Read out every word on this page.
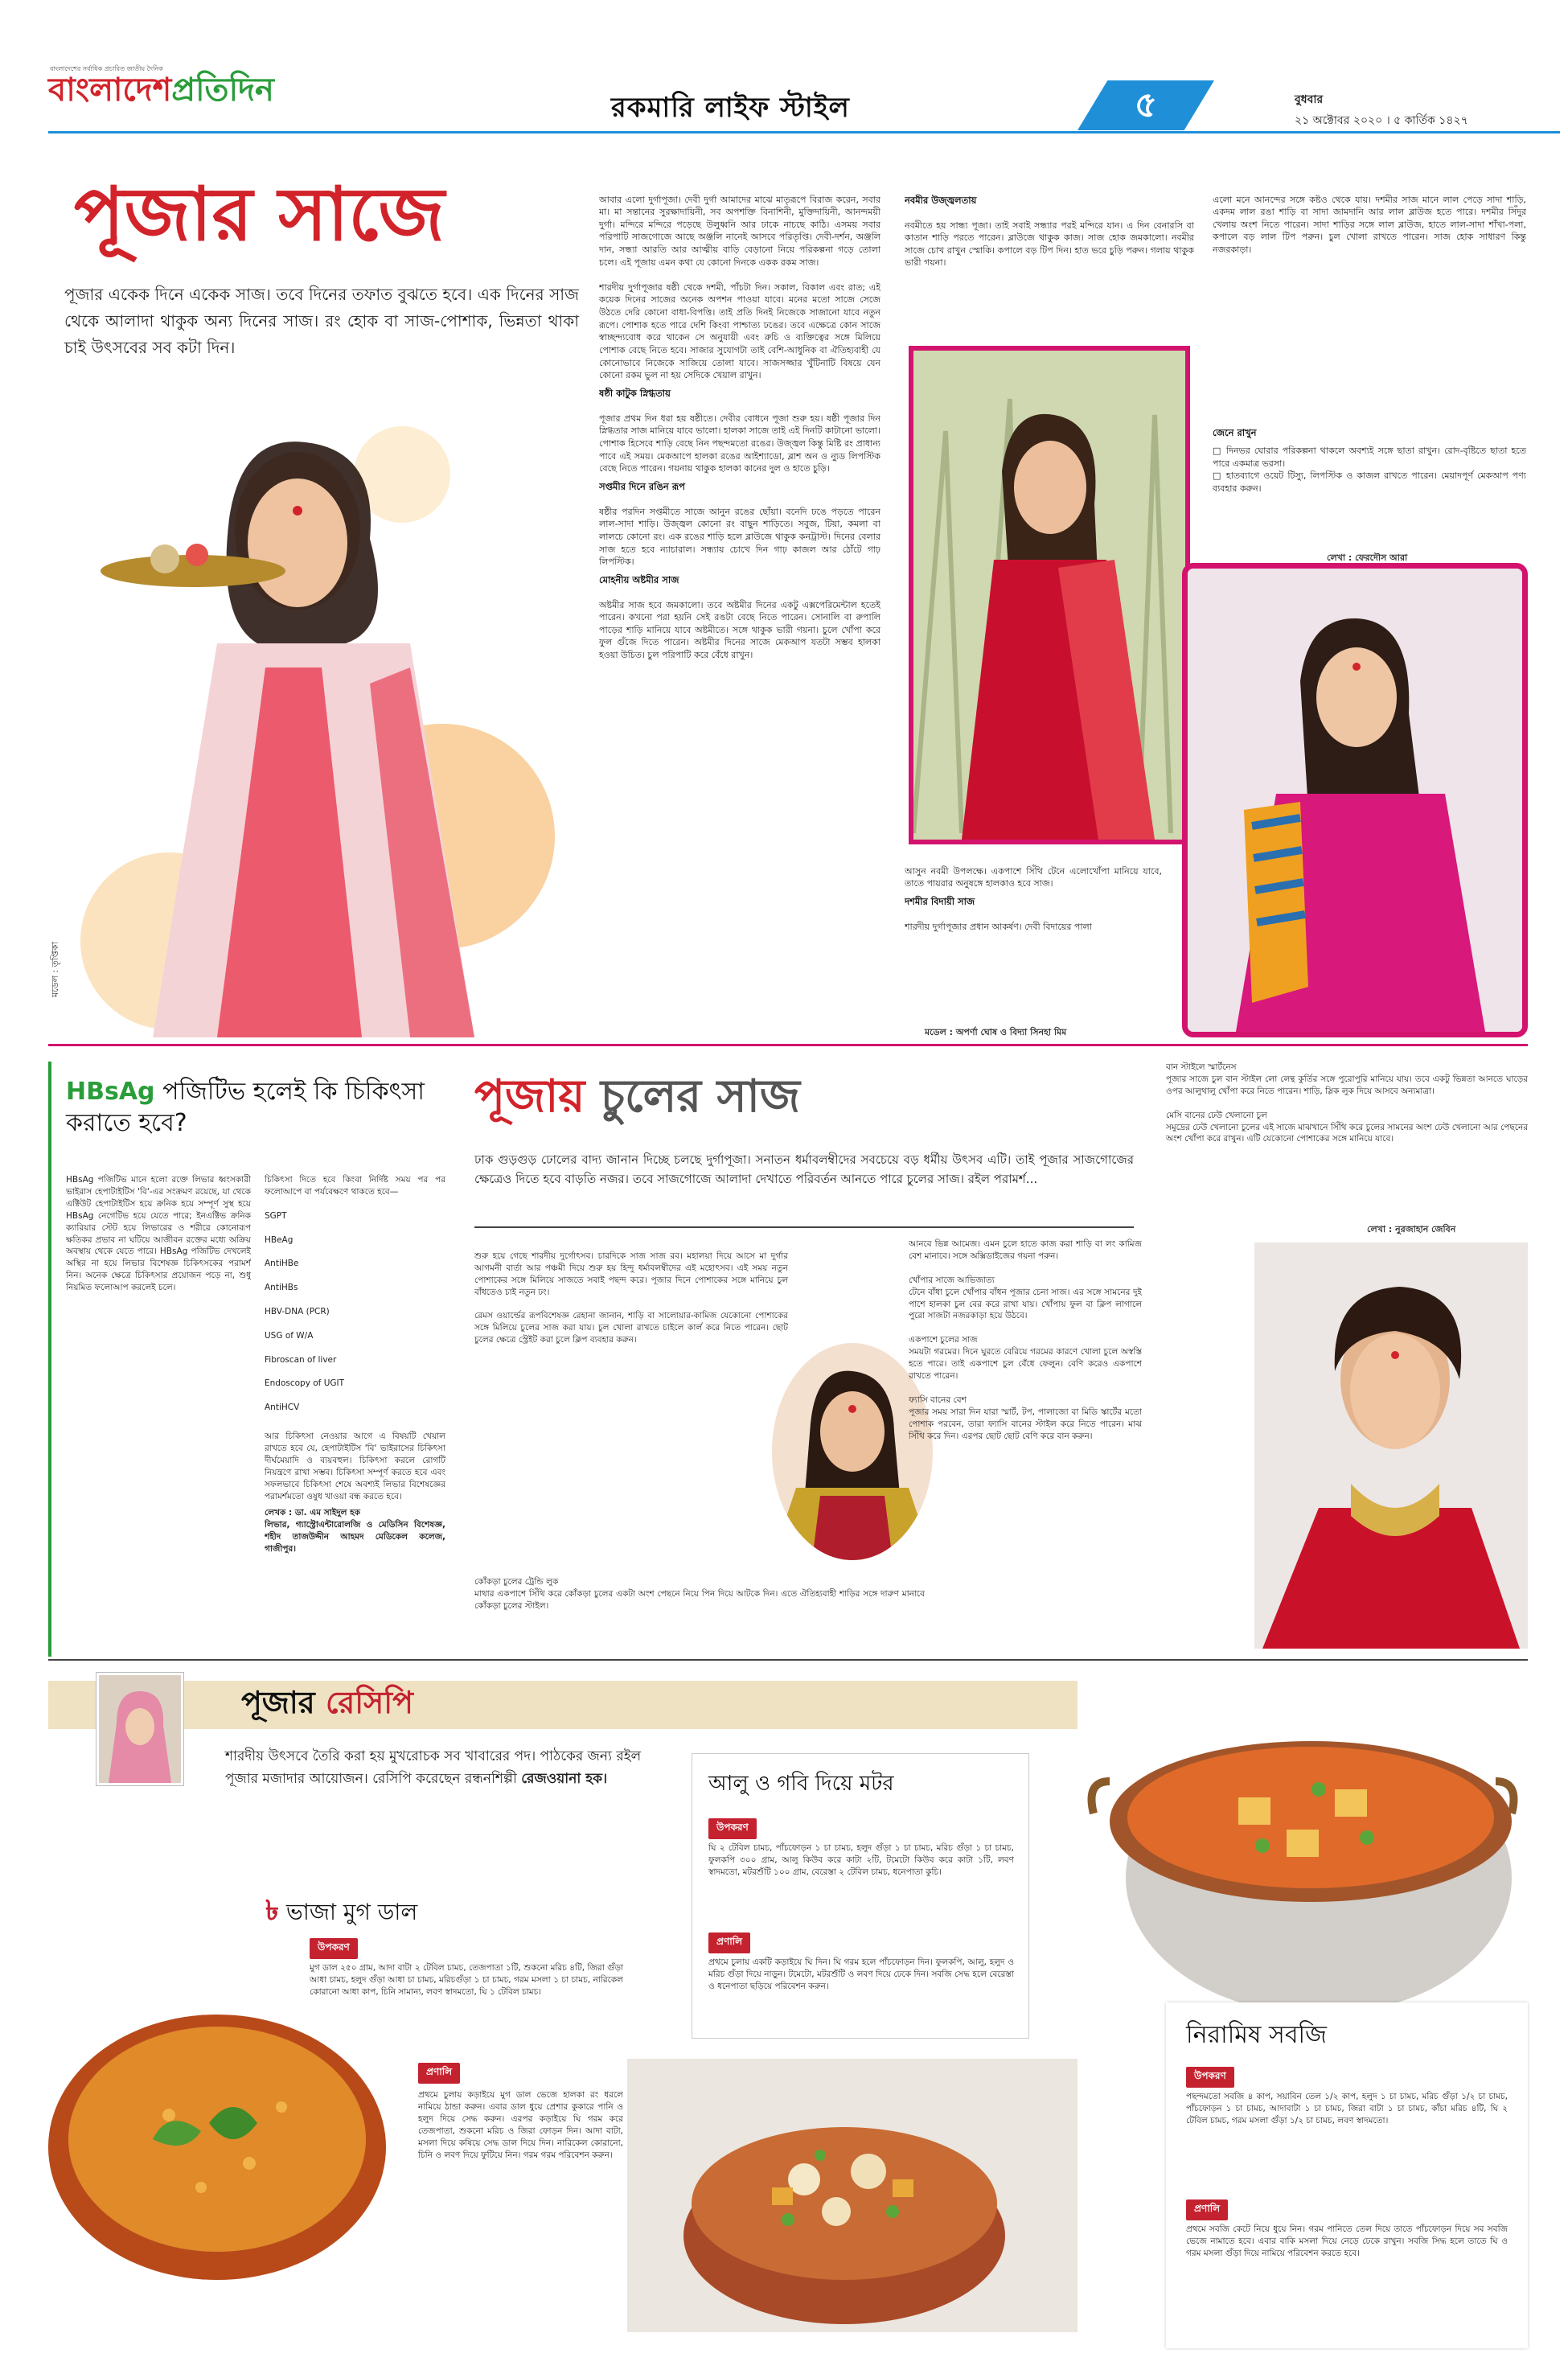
বাংলাদেশের সর্বাধিক প্রচারিত জাতীয় দৈনিক
বাংলাদেশপ্রতিদিন	রকমারি লাইফ স্টাইল	৫	বুধবার
২১ অক্টোবর ২০২০ । ৫ কার্তিক ১৪২৭
পূজার সাজে
পূজার একেক দিনে একেক সাজ। তবে দিনের তফাত বুঝতে হবে। এক দিনের সাজ থেকে আলাদা থাকুক অন্য দিনের সাজ। রং হোক বা সাজ-পোশাক, ভিন্নতা থাকা চাই উৎসবের সব কটা দিন।
মডেল : তৃপ্তিকা

আবার এলো দুর্গাপূজা। দেবী দুর্গা আমাদের মাঝে মাতৃরূপে বিরাজ করেন, সবার মা। মা সন্তানের সুরক্ষাদায়িনী, সব অপশক্তি বিনাশিনী, মুক্তিদায়িনী, আনন্দময়ী দুর্গা। মন্দিরে মন্দিরে পড়েছে উলুধ্বনি আর ঢাকে নাচছে কাঠি। এসময় সবার পরিপাটি সাজগোজে আছে অঞ্জলি নানেই আসবে পরিতৃপ্তি। দেবী-দর্শন, অঞ্জলি দান, সন্ধ্যা আরতি আর আত্মীয় বাড়ি বেড়ানো নিয়ে পরিকল্পনা গড়ে তোলা চলে। এই পূজায় এমন কথা যে কোনো দিনকে একক রকম সাজ।

শারদীয় দুর্গাপূজার ষষ্ঠী থেকে দশমী, পাঁচটা দিন। সকাল, বিকাল এবং রাত; এই কয়েক দিনের সাজের অনেক অপশন পাওয়া যাবে। মনের মতো সাজে সেজে উঠতে দেরি কোনো বাধা-বিপত্তি। তাই প্রতি দিনই নিজেকে সাজানো যাবে নতুন রূপে। পোশাক হতে পারে দেশি কিংবা পাশ্চাত্য ঢঙের। তবে এক্ষেত্রে কোন সাজে স্বাচ্ছন্দ্যবোধ করে থাকেন সে অনুযায়ী এবং রুচি ও ব্যক্তিত্বের সঙ্গে মিলিয়ে পোশাক বেছে নিতে হবে। সাজার সুযোগটা তাই বেশি-আধুনিক বা ঐতিহ্যবাহী যে কোনোভাবে নিজেকে সাজিয়ে তোলা যাবে। সাজসজ্জার খুঁটিনাটি বিষয়ে যেন কোনো রকম ভুল না হয় সেদিকে খেয়াল রাখুন।

ষষ্ঠী কাটুক স্নিগ্ধতায়

পূজার প্রথম দিন ধরা হয় ষষ্ঠীতে। দেবীর বোধনে পূজা শুরু হয়। ষষ্ঠী পূজার দিন স্নিগ্ধতার সাজ মানিয়ে যাবে ভালো। হালকা সাজে তাই এই দিনটি কাটানো ভালো। পোশাক হিসেবে শাড়ি বেছে নিন পছন্দমতো রঙের। উজ্জ্বল কিন্তু মিষ্টি রং প্রাধান্য পাবে এই সময়। মেকআপে হালকা রঙের আইশ্যাডো, ব্লাশ অন ও ন্যুড লিপস্টিক বেছে নিতে পারেন। গয়নায় থাকুক হালকা কানের দুল ও হাতে চুড়ি।

সপ্তমীর দিনে রঙিন রূপ

ষষ্ঠীর পরদিন সপ্তমীতে সাজে আনুন রঙের ছোঁয়া। বনেদি ঢঙে পড়তে পারেন লাল-সাদা শাড়ি। উজ্জ্বল কোনো রং বাছুন শাড়িতে। সবুজ, টিয়া, কমলা বা লালচে কোনো রং। এক রঙের শাড়ি হলে ব্লাউজে থাকুক কনট্রাস্ট। দিনের বেলার সাজ হতে হবে ন্যাচারাল। সন্ধ্যায় চোখে দিন গাঢ় কাজল আর ঠোঁটে গাঢ় লিপস্টিক।

মোহনীয় অষ্টমীর সাজ

অষ্টমীর সাজ হবে জমকালো। তবে অষ্টমীর দিনের একটু এক্সপেরিমেন্টাল হতেই পারেন। কখনো পরা হয়নি সেই রঙটা বেছে নিতে পারেন। সোনালি বা রুপালি পাড়ের শাড়ি মানিয়ে যাবে অষ্টমীতে। সঙ্গে থাকুক ভারী গয়না। চুলে খোঁপা করে ফুল গুঁজে দিতে পারেন। অষ্টমীর দিনের সাজে মেকআপ যতটা সম্ভব হালকা হওয়া উচিত। চুল পরিপাটি করে বেঁধে রাখুন।

নবমীর উজ্জ্বলতায়

নবমীতে হয় সান্ধ্য পূজা। তাই সবাই সন্ধ্যার পরই মন্দিরে যান। এ দিন বেনারসি বা কাতান শাড়ি পরতে পারেন। ব্লাউজে থাকুক কাজ। সাজ হোক জমকালো। নবমীর সাজে চোখ রাখুন স্মোকি। কপালে বড় টিপ দিন। হাত ভরে চুড়ি পরুন। গলায় থাকুক ভারী গয়না।

আসুন নবমী উপলক্ষে। একপাশে সিঁথি টেনে এলোখোঁপা মানিয়ে যাবে, তাতে পায়রার অনুষঙ্গে হালকাও হবে সাজ।

দশমীর বিদায়ী সাজ

শারদীয় দুর্গাপূজার প্রধান আকর্ষণ। দেবী বিদায়ের পালা

এলো মনে আনন্দের সঙ্গে কষ্টও থেকে যায়। দশমীর সাজ মানে লাল পেড়ে সাদা শাড়ি, একদম লাল রঙা শাড়ি বা সাদা জামদানি আর লাল ব্লাউজ হতে পারে। দশমীর সিঁদুর খেলায় অংশ নিতে পারেন। সাদা শাড়ির সঙ্গে লাল ব্লাউজ, হাতে লাল-সাদা শাঁখা-পলা, কপালে বড় লাল টিপ পরুন। চুল খোলা রাখতে পারেন। সাজ হোক সাধারণ কিন্তু নজরকাড়া।

জেনে রাখুন
□ দিনভর ঘোরার পরিকল্পনা থাকলে অবশ্যই সঙ্গে ছাতা রাখুন। রোদ-বৃষ্টিতে ছাতা হতে পারে একমাত্র ভরসা।
□ হাতব্যাগে ওয়েট টিস্যু, লিপস্টিক ও কাজল রাখতে পারেন। মেয়াদপূর্ণ মেকআপ পণ্য ব্যবহার করুন।
লেখা : ফেরদৌস আরা
মডেল : অপর্ণা ঘোষ ও বিদ্যা সিনহা মিম
HBsAg পজিটিভ হলেই কি চিকিৎসা করাতে হবে?
HBsAg পজিটিভ মানে হলো রক্তে লিভার ধ্বংসকারী ভাইরাস হেপাটাইটিস 'বি'-এর সংক্রমণ রয়েছে, যা থেকে এক্টিউট হেপাটাইটিস হয়ে ক্রনিক হয়ে সম্পূর্ণ সুস্থ হয়ে HBsAg নেগেটিভ হয়ে যেতে পারে; ইনএক্টিভ ক্রনিক ক্যারিয়ার স্টেট হয়ে লিভারের ও শরীরে কোনোরূপ ক্ষতিকর প্রভাব না ঘটিয়ে আজীবন রক্তের মধ্যে অক্রিয় অবস্থায় থেকে যেতে পারে। HBsAg পজিটিভ দেখলেই অস্থির না হয়ে লিভার বিশেষজ্ঞ চিকিৎসকের পরামর্শ নিন। অনেক ক্ষেত্রে চিকিৎসার প্রয়োজন পড়ে না, শুধু নিয়মিত ফলোআপ করলেই চলে।
চিকিৎসা দিতে হবে কিংবা নির্দিষ্ট সময় পর পর ফলোআপে বা পর্যবেক্ষণে থাকতে হবে—

SGPT

HBeAg

AntiHBe

AntiHBs

HBV-DNA (PCR)

USG of W/A

Fibroscan of liver

Endoscopy of UGIT

AntiHCV

আর চিকিৎসা নেওয়ার আগে এ বিষয়টি খেয়াল রাখতে হবে যে, হেপাটাইটিস 'বি' ভাইরাসের চিকিৎসা দীর্ঘমেয়াদি ও ব্যয়বহুল। চিকিৎসা করলে রোগটি নিয়ন্ত্রণে রাখা সম্ভব। চিকিৎসা সম্পূর্ণ করতে হবে এবং সফলভাবে চিকিৎসা শেষে অবশ্যই লিভার বিশেষজ্ঞের পরামর্শমতো ওষুধ খাওয়া বন্ধ করতে হবে।
লেখক : ডা. এম সাইদুল হক
লিভার, গ্যাস্ট্রোএন্টারোলজি ও মেডিসিন বিশেষজ্ঞ, শহীদ তাজউদ্দীন আহমদ মেডিকেল কলেজ, গাজীপুর।
পূজায় চুলের সাজ
ঢাক গুড়গুড় ঢোলের বাদ্য জানান দিচ্ছে চলছে দুর্গাপূজা। সনাতন ধর্মাবলম্বীদের সবচেয়ে বড় ধর্মীয় উৎসব এটি। তাই পূজার সাজগোজের ক্ষেত্রেও দিতে হবে বাড়তি নজর। তবে সাজগোজে আলাদা দেখাতে পরিবর্তন আনতে পারে চুলের সাজ। রইল পরামর্শ...

শুরু হয়ে গেছে শারদীয় দুর্গোৎসব। চারদিকে সাজ সাজ রব। মহালয়া দিয়ে আসে মা দুর্গার আগমনী বার্তা আর পঞ্চমী দিয়ে শুরু হয় হিন্দু ধর্মাবলম্বীদের এই মহোৎসব। এই সময় নতুন পোশাকের সঙ্গে মিলিয়ে সাজতে সবাই পছন্দ করে। পূজার দিনে পোশাকের সঙ্গে মানিয়ে চুল বাঁধতেও চাই নতুন ঢং।

রেমস ওয়ার্ল্ডের রূপবিশেষজ্ঞ রেহানা জানান, শাড়ি বা সালোয়ার-কামিজ যেকোনো পোশাকের সঙ্গে মিলিয়ে চুলের সাজ করা যায়। চুল খোলা রাখতে চাইলে কার্ল করে নিতে পারেন। ছোট চুলের ক্ষেত্রে স্ট্রেইট করা চুলে ক্লিপ ব্যবহার করুন।

কোঁকড়া চুলের ট্রেন্ডি লুক
মাথার একপাশে সিঁথি করে কোঁকড়া চুলের একটা অংশ পেছনে নিয়ে পিন দিয়ে আটকে দিন। এতে ঐতিহ্যবাহী শাড়ির সঙ্গে দারুণ মানাবে কোঁকড়া চুলের স্টাইল।
আনবে ভিন্ন আমেজ। এমন চুলে হাতে কাজ করা শাড়ি বা লং কামিজ বেশ মানাবে। সঙ্গে অক্সিডাইজের গয়না পরুন।

খোঁপার সাজে আভিজাত্য
টেনে বাঁধা চুলে খোঁপার বাঁধন পূজার চেনা সাজ। এর সঙ্গে সামনের দুই পাশে হালকা চুল বের করে রাখা যায়। খোঁপায় ফুল বা ক্লিপ লাগালে পুরো সাজটা নজরকাড়া হয়ে উঠবে।

একপাশে চুলের সাজ
সময়টা গরমের। দিনে ঘুরতে বেরিয়ে গরমের কারণে খোলা চুলে অস্বস্তি হতে পারে। তাই একপাশে চুল বেঁধে ফেলুন। বেণি করেও একপাশে রাখতে পারেন।

ফ্যাসি বানের বেশ
পূজার সময় সারা দিন যারা স্মার্ট, টপ, পালাজো বা মিডি স্কার্টের মতো পোশাক পরবেন, তারা ফ্যাসি বানের স্টাইল করে নিতে পারেন। মাঝ সিঁথি করে দিন। এরপর ছোট ছোট বেণি করে বান করুন।
বান স্টাইলে স্মার্টনেস
পূজার সাজে চুল বান স্টাইল লো লেন্থ কুর্তির সঙ্গে পুরোপুরি মানিয়ে যায়। তবে একটু ভিন্নতা আনতে ঘাড়ের ওপর আলুথালু খোঁপা করে নিতে পারেন। শাড়ি, স্লিক লুক দিয়ে আসবে অন্যমাত্রা।

মেসি বানের ঢেউ খেলানো চুল
সমুদ্রের ঢেউ খেলানো চুলের এই সাজে মাঝখানে সিঁথি করে চুলের সামনের অংশ ঢেউ খেলানো আর পেছনের অংশ খোঁপা করে রাখুন। এটি যেকোনো পোশাকের সঙ্গে মানিয়ে যাবে।
লেখা : নুরজাহান জেবিন
পূজার রেসিপি
শারদীয় উৎসবে তৈরি করা হয় মুখরোচক সব খাবারের পদ। পাঠকের জন্য রইল পূজার মজাদার আয়োজন। রেসিপি করেছেন রন্ধনশিল্পী রেজওয়ানা হক।
৳ ভাজা মুগ ডাল
উপকরণ
মুগ ডাল ২৫০ গ্রাম, আদা বাটা ২ টেবিল চামচ, তেজপাতা ১টি, শুকনো মরিচ ৪টি, জিরা গুঁড়া আধা চামচ, হলুদ গুঁড়া আধা চা চামচ, মরিচগুঁড়া ১ চা চামচ, গরম মসলা ১ চা চামচ, নারিকেল কোরানো আধা কাপ, চিনি সামান্য, লবণ স্বাদমতো, ঘি ১ টেবিল চামচ।
প্রণালি
প্রথমে চুলায় কড়াইয়ে মুগ ডাল ভেজে হালকা রং ধরলে নামিয়ে ঠান্ডা করুন। এবার ডাল ধুয়ে প্রেশার কুকারে পানি ও হলুদ দিয়ে সেদ্ধ করুন। এরপর কড়াইয়ে ঘি গরম করে তেজপাতা, শুকনো মরিচ ও জিরা ফোড়ন দিন। আদা বাটা, মসলা দিয়ে কষিয়ে সেদ্ধ ডাল দিয়ে দিন। নারিকেল কোরানো, চিনি ও লবণ দিয়ে ফুটিয়ে নিন। গরম গরম পরিবেশন করুন।
আলু ও গবি দিয়ে মটর
উপকরণ
ঘি ২ টেবিল চামচ, পাঁচফোড়ন ১ চা চামচ, হলুদ গুঁড়া ১ চা চামচ, মরিচ গুঁড়া ১ চা চামচ, ফুলকপি ৩০০ গ্রাম, আলু কিউব করে কাটা ২টি, টমেটো কিউব করে কাটা ১টি, লবণ স্বাদমতো, মটরশুঁটি ১০০ গ্রাম, বেরেস্তা ২ টেবিল চামচ, ধনেপাতা কুচি।
প্রণালি
প্রথমে চুলায় একটি কড়াইয়ে ঘি দিন। ঘি গরম হলে পাঁচফোড়ন দিন। ফুলকপি, আলু, হলুদ ও মরিচ গুঁড়া দিয়ে নাড়ুন। টমেটো, মটরশুঁটি ও লবণ দিয়ে ঢেকে দিন। সবজি সেদ্ধ হলে বেরেস্তা ও ধনেপাতা ছড়িয়ে পরিবেশন করুন।
নিরামিষ সবজি
উপকরণ
পছন্দমতো সবজি ৪ কাপ, সয়াবিন তেল ১/২ কাপ, হলুদ ১ চা চামচ, মরিচ গুঁড়া ১/২ চা চামচ, পাঁচফোড়ন ১ চা চামচ, আদাবাটা ১ চা চামচ, জিরা বাটা ১ চা চামচ, কাঁচা মরিচ ৪টি, ঘি ২ টেবিল চামচ, গরম মসলা গুঁড়া ১/২ চা চামচ, লবণ স্বাদমতো।
প্রণালি
প্রথমে সবজি কেটে নিয়ে ধুয়ে নিন। গরম পানিতে তেল দিয়ে তাতে পাঁচফোড়ন দিয়ে সব সবজি ভেজে নামাতে হবে। এবার বাকি মসলা দিয়ে নেড়ে ঢেকে রাখুন। সবজি সিদ্ধ হলে তাতে ঘি ও গরম মসলা গুঁড়া দিয়ে নামিয়ে পরিবেশন করতে হবে।
